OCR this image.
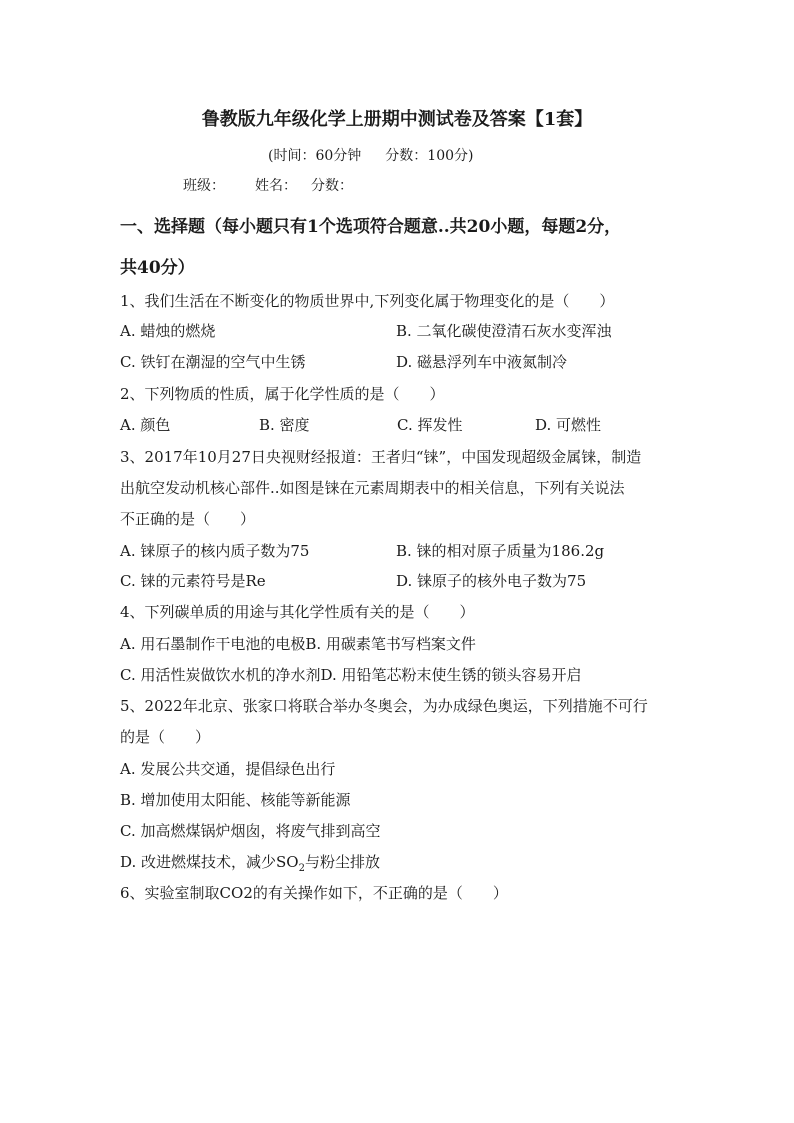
鲁教版九年级化学上册期中测试卷及答案【1套】
(时间：60分钟 分数：100分)
班级： 姓名： 分数：
一、选择题（每小题只有1个选项符合题意..共20小题，每题2分，
共40分）
1、我们生活在不断变化的物质世界中,下列变化属于物理变化的是（　　）
A. 蜡烛的燃烧	B. 二氧化碳使澄清石灰水变浑浊
C. 铁钉在潮湿的空气中生锈	D. 磁悬浮列车中液氮制冷
2、下列物质的性质，属于化学性质的是（　　）
A. 颜色	B. 密度	C. 挥发性	D. 可燃性
3、2017年10月27日央视财经报道：王者归“铼”，中国发现超级金属铼，制造
出航空发动机核心部件..如图是铼在元素周期表中的相关信息，下列有关说法
不正确的是（　　）
A. 铼原子的核内质子数为75	B. 铼的相对原子质量为186.2g
C. 铼的元素符号是Re	D. 铼原子的核外电子数为75
4、下列碳单质的用途与其化学性质有关的是（　　）
A. 用石墨制作干电池的电极B. 用碳素笔书写档案文件
C. 用活性炭做饮水机的净水剂D. 用铅笔芯粉末使生锈的锁头容易开启
5、2022年北京、张家口将联合举办冬奥会，为办成绿色奥运，下列措施不可行
的是（　　）
A. 发展公共交通，提倡绿色出行
B. 增加使用太阳能、核能等新能源
C. 加高燃煤锅炉烟囱，将废气排到高空
D. 改进燃煤技术，减少$SO_2$与粉尘排放
6、实验室制取CO2的有关操作如下，不正确的是（　　）
